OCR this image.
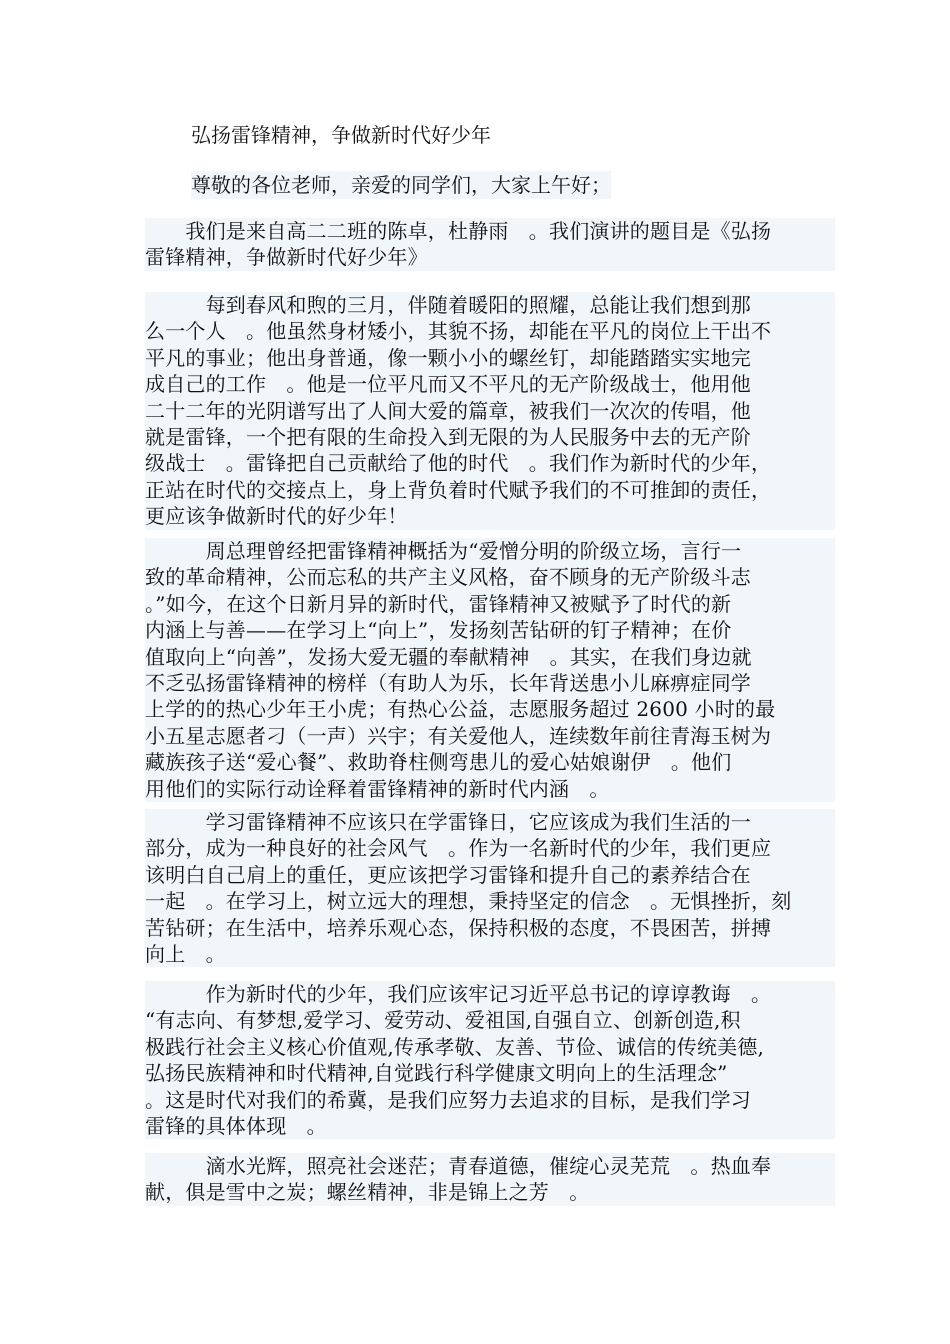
弘扬雷锋精神，争做新时代好少年
尊敬的各位老师，亲爱的同学们，大家上午好；
　　我们是来自高二二班的陈卓，杜静雨　。我们演讲的题目是《弘扬
雷锋精神，争做新时代好少年》
　　　每到春风和煦的三月，伴随着暖阳的照耀，总能让我们想到那
么一个人　。他虽然身材矮小，其貌不扬，却能在平凡的岗位上干出不
平凡的事业；他出身普通，像一颗小小的螺丝钉，却能踏踏实实地完
成自己的工作　。他是一位平凡而又不平凡的无产阶级战士，他用他
二十二年的光阴谱写出了人间大爱的篇章，被我们一次次的传唱，他
就是雷锋，一个把有限的生命投入到无限的为人民服务中去的无产阶
级战士　。雷锋把自己贡献给了他的时代　。我们作为新时代的少年，
正站在时代的交接点上，身上背负着时代赋予我们的不可推卸的责任，
更应该争做新时代的好少年！
　　　周总理曾经把雷锋精神概括为“爱憎分明的阶级立场，言行一
致的革命精神，公而忘私的共产主义风格，奋不顾身的无产阶级斗志
。”如今，在这个日新月异的新时代，雷锋精神又被赋予了时代的新
内涵上与善——在学习上“向上”，发扬刻苦钻研的钉子精神；在价
值取向上“向善”，发扬大爱无疆的奉献精神　。其实，在我们身边就
不乏弘扬雷锋精神的榜样（有助人为乐，长年背送患小儿麻痹症同学
上学的的热心少年王小虎；有热心公益，志愿服务超过 2600 小时的最
小五星志愿者刁（一声）兴宇；有关爱他人，连续数年前往青海玉树为
藏族孩子送“爱心餐”、救助脊柱侧弯患儿的爱心姑娘谢伊　。他们
用他们的实际行动诠释着雷锋精神的新时代内涵　。
　　　学习雷锋精神不应该只在学雷锋日，它应该成为我们生活的一
部分，成为一种良好的社会风气　。作为一名新时代的少年，我们更应
该明白自己肩上的重任，更应该把学习雷锋和提升自己的素养结合在
一起　。在学习上，树立远大的理想，秉持坚定的信念　。无惧挫折，刻
苦钻研；在生活中，培养乐观心态，保持积极的态度，不畏困苦，拼搏
向上　。
　　　作为新时代的少年，我们应该牢记习近平总书记的谆谆教诲　。
“有志向、有梦想,爱学习、爱劳动、爱祖国,自强自立、创新创造,积
极践行社会主义核心价值观,传承孝敬、友善、节俭、诚信的传统美德,
弘扬民族精神和时代精神,自觉践行科学健康文明向上的生活理念”
。这是时代对我们的希冀，是我们应努力去追求的目标，是我们学习
雷锋的具体体现　。
　　　滴水光辉，照亮社会迷茫；青春道德，催绽心灵芜荒　。热血奉
献，俱是雪中之炭；螺丝精神，非是锦上之芳　。
